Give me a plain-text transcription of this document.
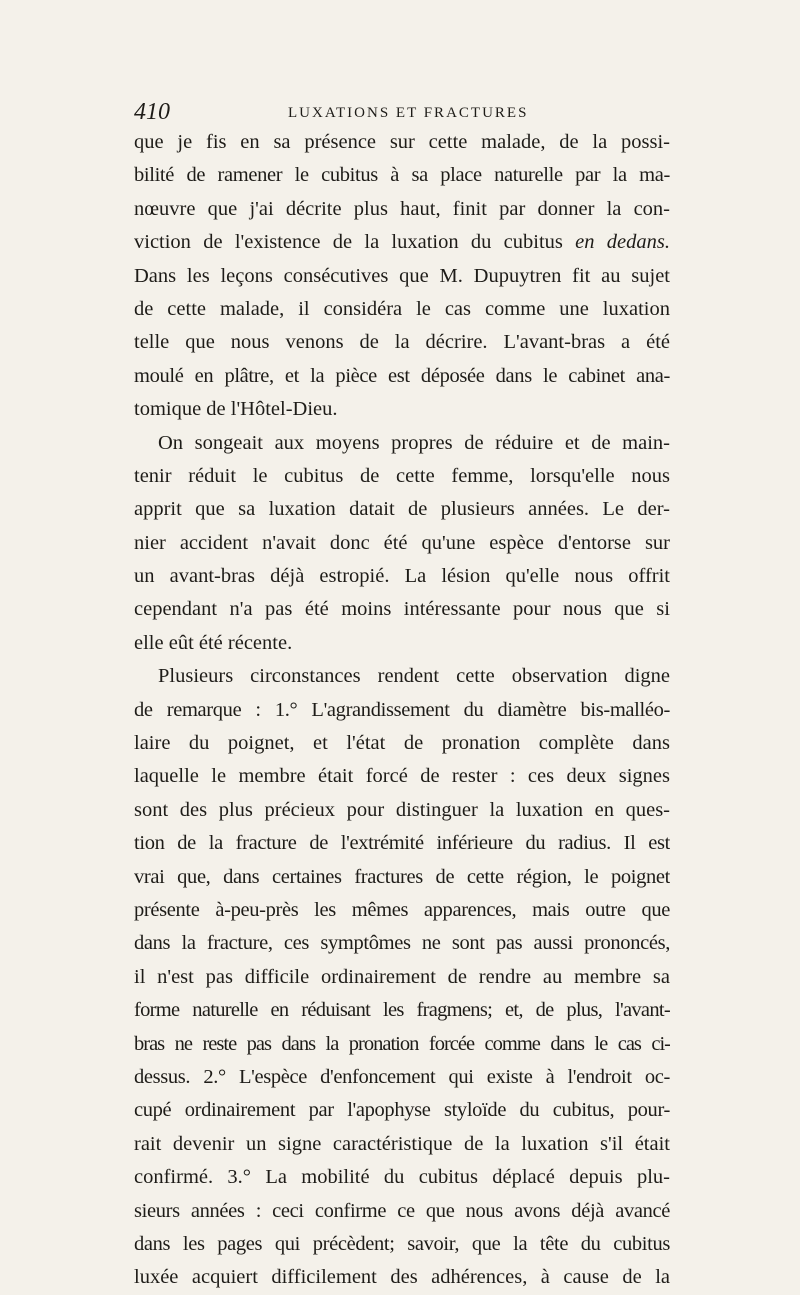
410	LUXATIONS ET FRACTURES
que je fis en sa présence sur cette malade, de la possi-
bilité de ramener le cubitus à sa place naturelle par la ma-
nœuvre que j'ai décrite plus haut, finit par donner la con-
viction de l'existence de la luxation du cubitus en dedans.
Dans les leçons consécutives que M. Dupuytren fit au sujet
de cette malade, il considéra le cas comme une luxation
telle que nous venons de la décrire. L'avant-bras a été
moulé en plâtre, et la pièce est déposée dans le cabinet ana-
tomique de l'Hôtel-Dieu.
On songeait aux moyens propres de réduire et de main-
tenir réduit le cubitus de cette femme, lorsqu'elle nous
apprit que sa luxation datait de plusieurs années. Le der-
nier accident n'avait donc été qu'une espèce d'entorse sur
un avant-bras déjà estropié. La lésion qu'elle nous offrit
cependant n'a pas été moins intéressante pour nous que si
elle eût été récente.
Plusieurs circonstances rendent cette observation digne
de remarque : 1.° L'agrandissement du diamètre bis-malléo-
laire du poignet, et l'état de pronation complète dans
laquelle le membre était forcé de rester : ces deux signes
sont des plus précieux pour distinguer la luxation en ques-
tion de la fracture de l'extrémité inférieure du radius. Il est
vrai que, dans certaines fractures de cette région, le poignet
présente à-peu-près les mêmes apparences, mais outre que
dans la fracture, ces symptômes ne sont pas aussi prononcés,
il n'est pas difficile ordinairement de rendre au membre sa
forme naturelle en réduisant les fragmens; et, de plus, l'avant-
bras ne reste pas dans la pronation forcée comme dans le cas ci-
dessus. 2.° L'espèce d'enfoncement qui existe à l'endroit oc-
cupé ordinairement par l'apophyse styloïde du cubitus, pour-
rait devenir un signe caractéristique de la luxation s'il était
confirmé. 3.° La mobilité du cubitus déplacé depuis plu-
sieurs années : ceci confirme ce que nous avons déjà avancé
dans les pages qui précèdent; savoir, que la tête du cubitus
luxée acquiert difficilement des adhérences, à cause de la
